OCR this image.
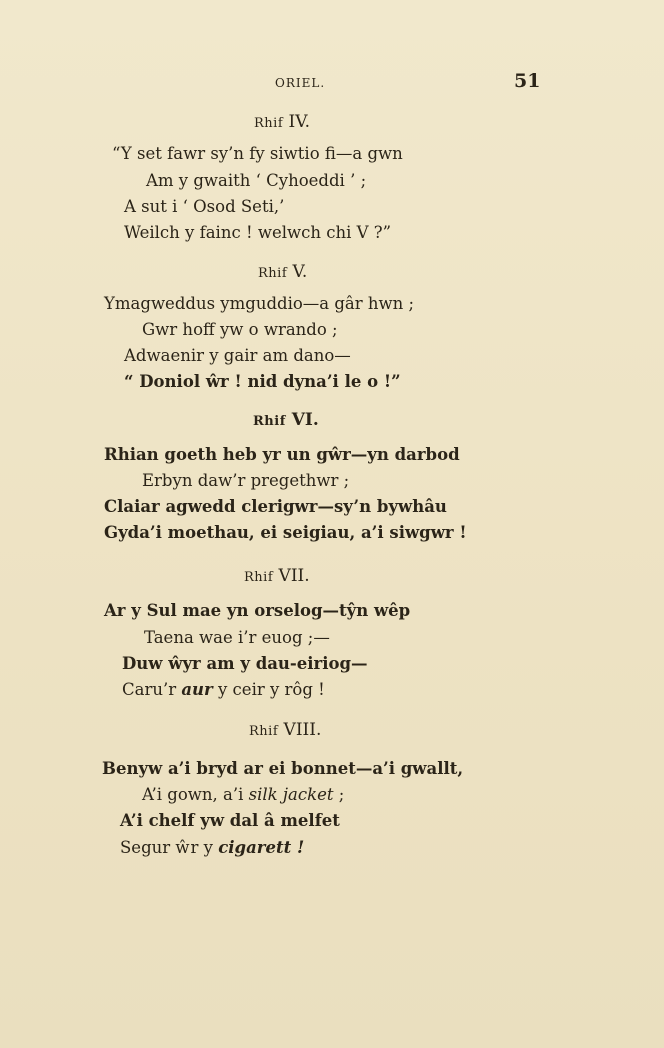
ORIEL.	51
Rhif IV.
“Y set fawr sy’n fy siwtio fi—a gwn
Am y gwaith ‘ Cyhoeddi ’ ;
A sut i ‘ Osod Seti,’
Weilch y fainc ! welwch chi V ?”
Rhif V.
Ymagweddus ymguddio—a gâr hwn ;
Gwr hoff yw o wrando ;
Adwaenir y gair am dano—
“ Doniol ŵr ! nid dyna’i le o !”
Rhif VI.
Rhian goeth heb yr un gŵr—yn darbod
Erbyn daw’r pregethwr ;
Claiar agwedd clerigwr—sy’n bywhâu
Gyda’i moethau, ei seigiau, a’i siwgwr !
Rhif VII.
Ar y Sul mae yn orselog—tŷn wêp
Taena wae i’r euog ;—
Duw ŵyr am y dau-eiriog—
Caru’r aur y ceir y rôg !
Rhif VIII.
Benyw a’i bryd ar ei bonnet—a’i gwallt,
A’i gown, a’i silk jacket ;
A’i chelf yw dal â melfet
Segur ŵr y cigarett !
